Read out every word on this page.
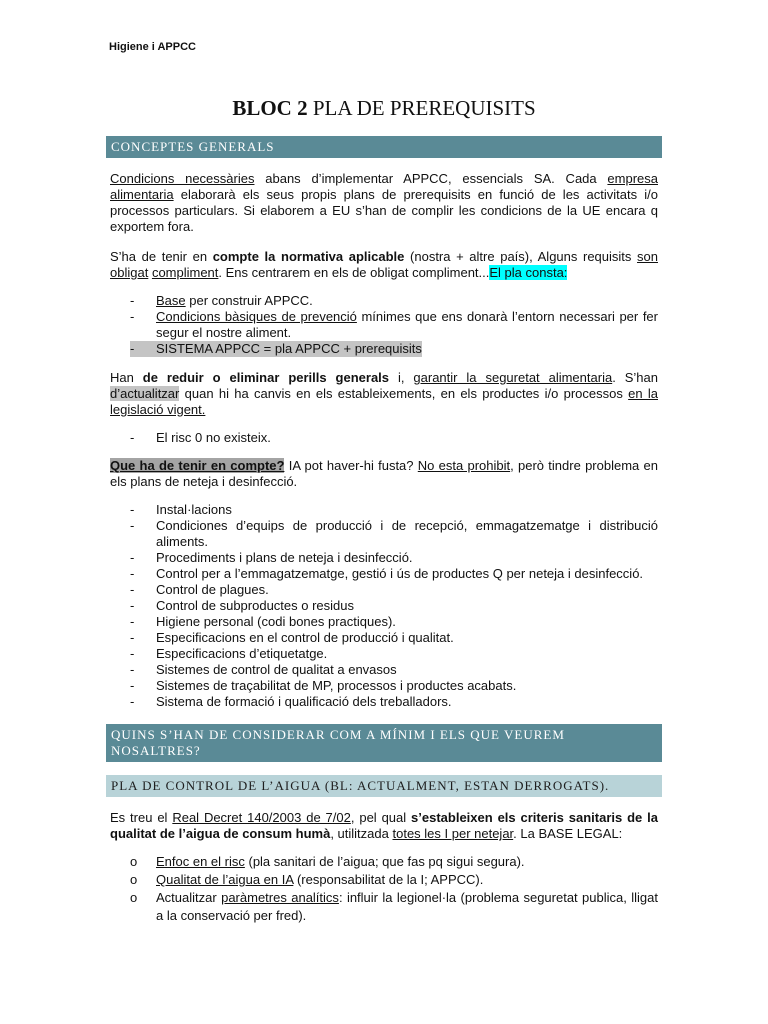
Higiene i APPCC
BLOC 2 PLA DE PREREQUISITS
CONCEPTES GENERALS
Condicions necessàries abans d’implementar APPCC, essencials SA. Cada empresa alimentaria elaborarà els seus propis plans de prerequisits en funció de les activitats i/o processos particulars. Si elaborem a EU s’han de complir les condicions de la UE encara q exportem fora.
S’ha de tenir en compte la normativa aplicable (nostra + altre país), Alguns requisits son obligat compliment. Ens centrarem en els de obligat compliment...El pla consta:
- Base per construir APPCC.
- Condicions bàsiques de prevenció mínimes que ens donarà l’entorn necessari per fer segur el nostre aliment.
- SISTEMA APPCC = pla APPCC + prerequisits
Han de reduir o eliminar perills generals i, garantir la seguretat alimentaria. S’han d’actualitzar quan hi ha canvis en els estableixements, en els productes i/o processos en la legislació vigent.
- El risc 0 no existeix.
Que ha de tenir en compte? IA pot haver-hi fusta? No esta prohibit, però tindre problema en els plans de neteja i desinfecció.
- Instal·lacions
- Condiciones d’equips de producció i de recepció, emmagatzematge i distribució aliments.
- Procediments i plans de neteja i desinfecció.
- Control per a l’emmagatzematge, gestió i ús de productes Q per neteja i desinfecció.
- Control de plagues.
- Control de subproductes o residus
- Higiene personal (codi bones practiques).
- Especificacions en el control de producció i qualitat.
- Especificacions d’etiquetatge.
- Sistemes de control de qualitat a envasos
- Sistemes de traçabilitat de MP, processos i productes acabats.
- Sistema de formació i qualificació dels treballadors.
QUINS S’HAN DE CONSIDERAR COM A MÍNIM I ELS QUE VEUREM NOSALTRES?
PLA DE CONTROL DE L’AIGUA (BL: ACTUALMENT, ESTAN DERROGATS).
Es treu el Real Decret 140/2003 de 7/02, pel qual s’estableixen els criteris sanitaris de la qualitat de l’aigua de consum humà, utilitzada totes les I per netejar. La BASE LEGAL:
o Enfoc en el risc (pla sanitari de l’aigua; que fas pq sigui segura).
o Qualitat de l’aigua en IA (responsabilitat de la I; APPCC).
o Actualitzar paràmetres analítics: influir la legionel·la (problema seguretat publica, lligat a la conservació per fred).
